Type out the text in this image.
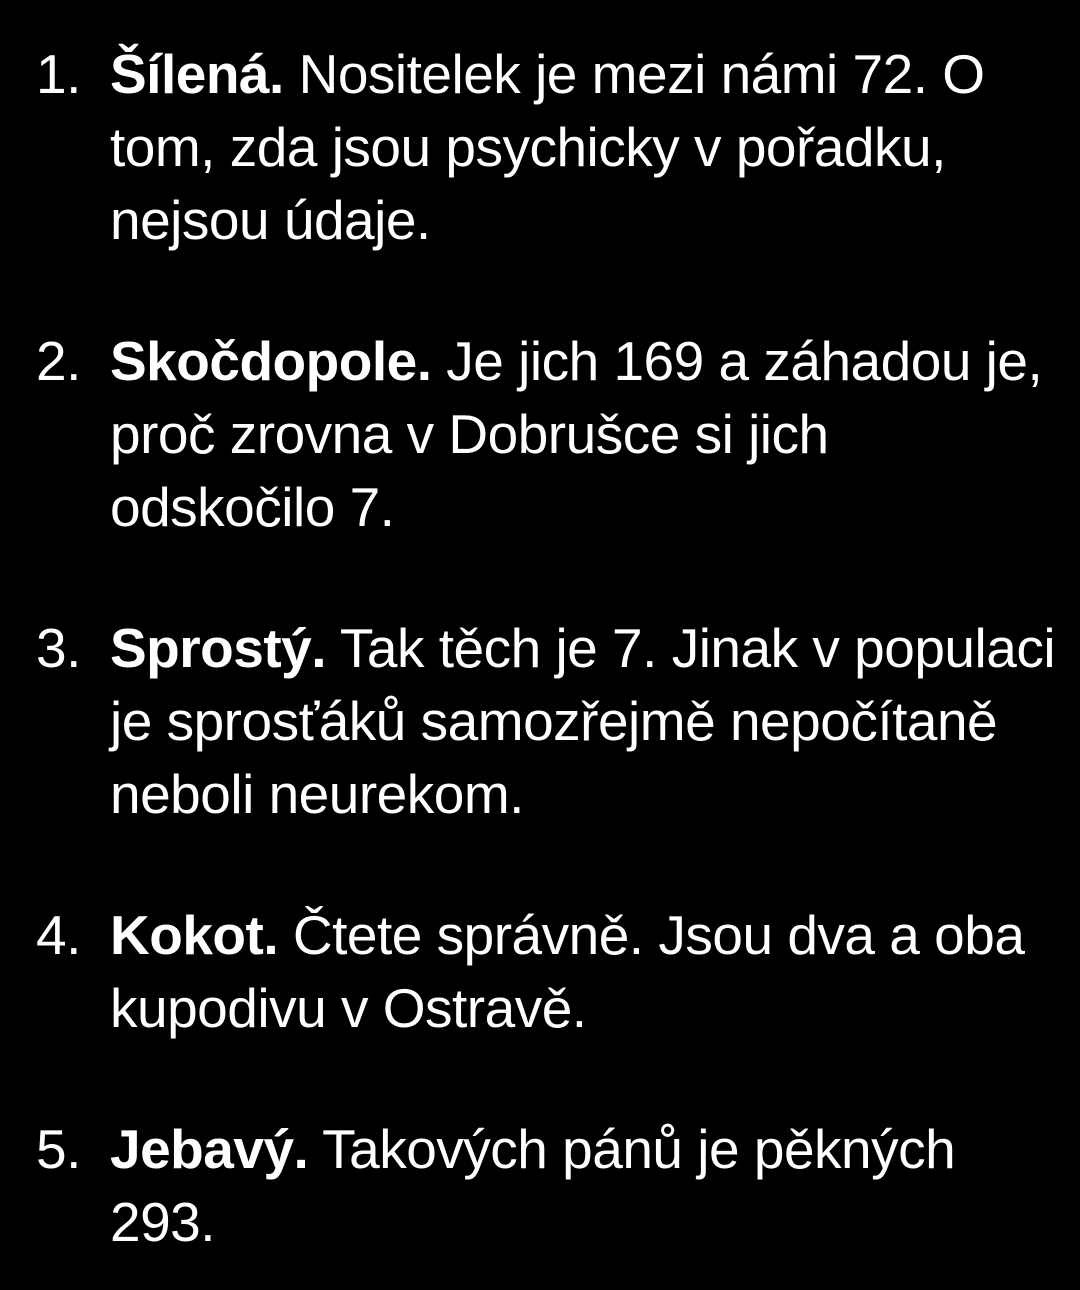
1. Šílená. Nositelek je mezi námi 72. O tom, zda jsou psychicky v pořadku, nejsou údaje.
2. Skočdopole. Je jich 169 a záhadou je, proč zrovna v Dobrušce si jich odskočilo 7.
3. Sprostý. Tak těch je 7. Jinak v populaci je sprosťáků samozřejmě nepočítaně neboli neurekom.
4. Kokot. Čtete správně. Jsou dva a oba kupodivu v Ostravě.
5. Jebavý. Takových pánů je pěkných 293.
